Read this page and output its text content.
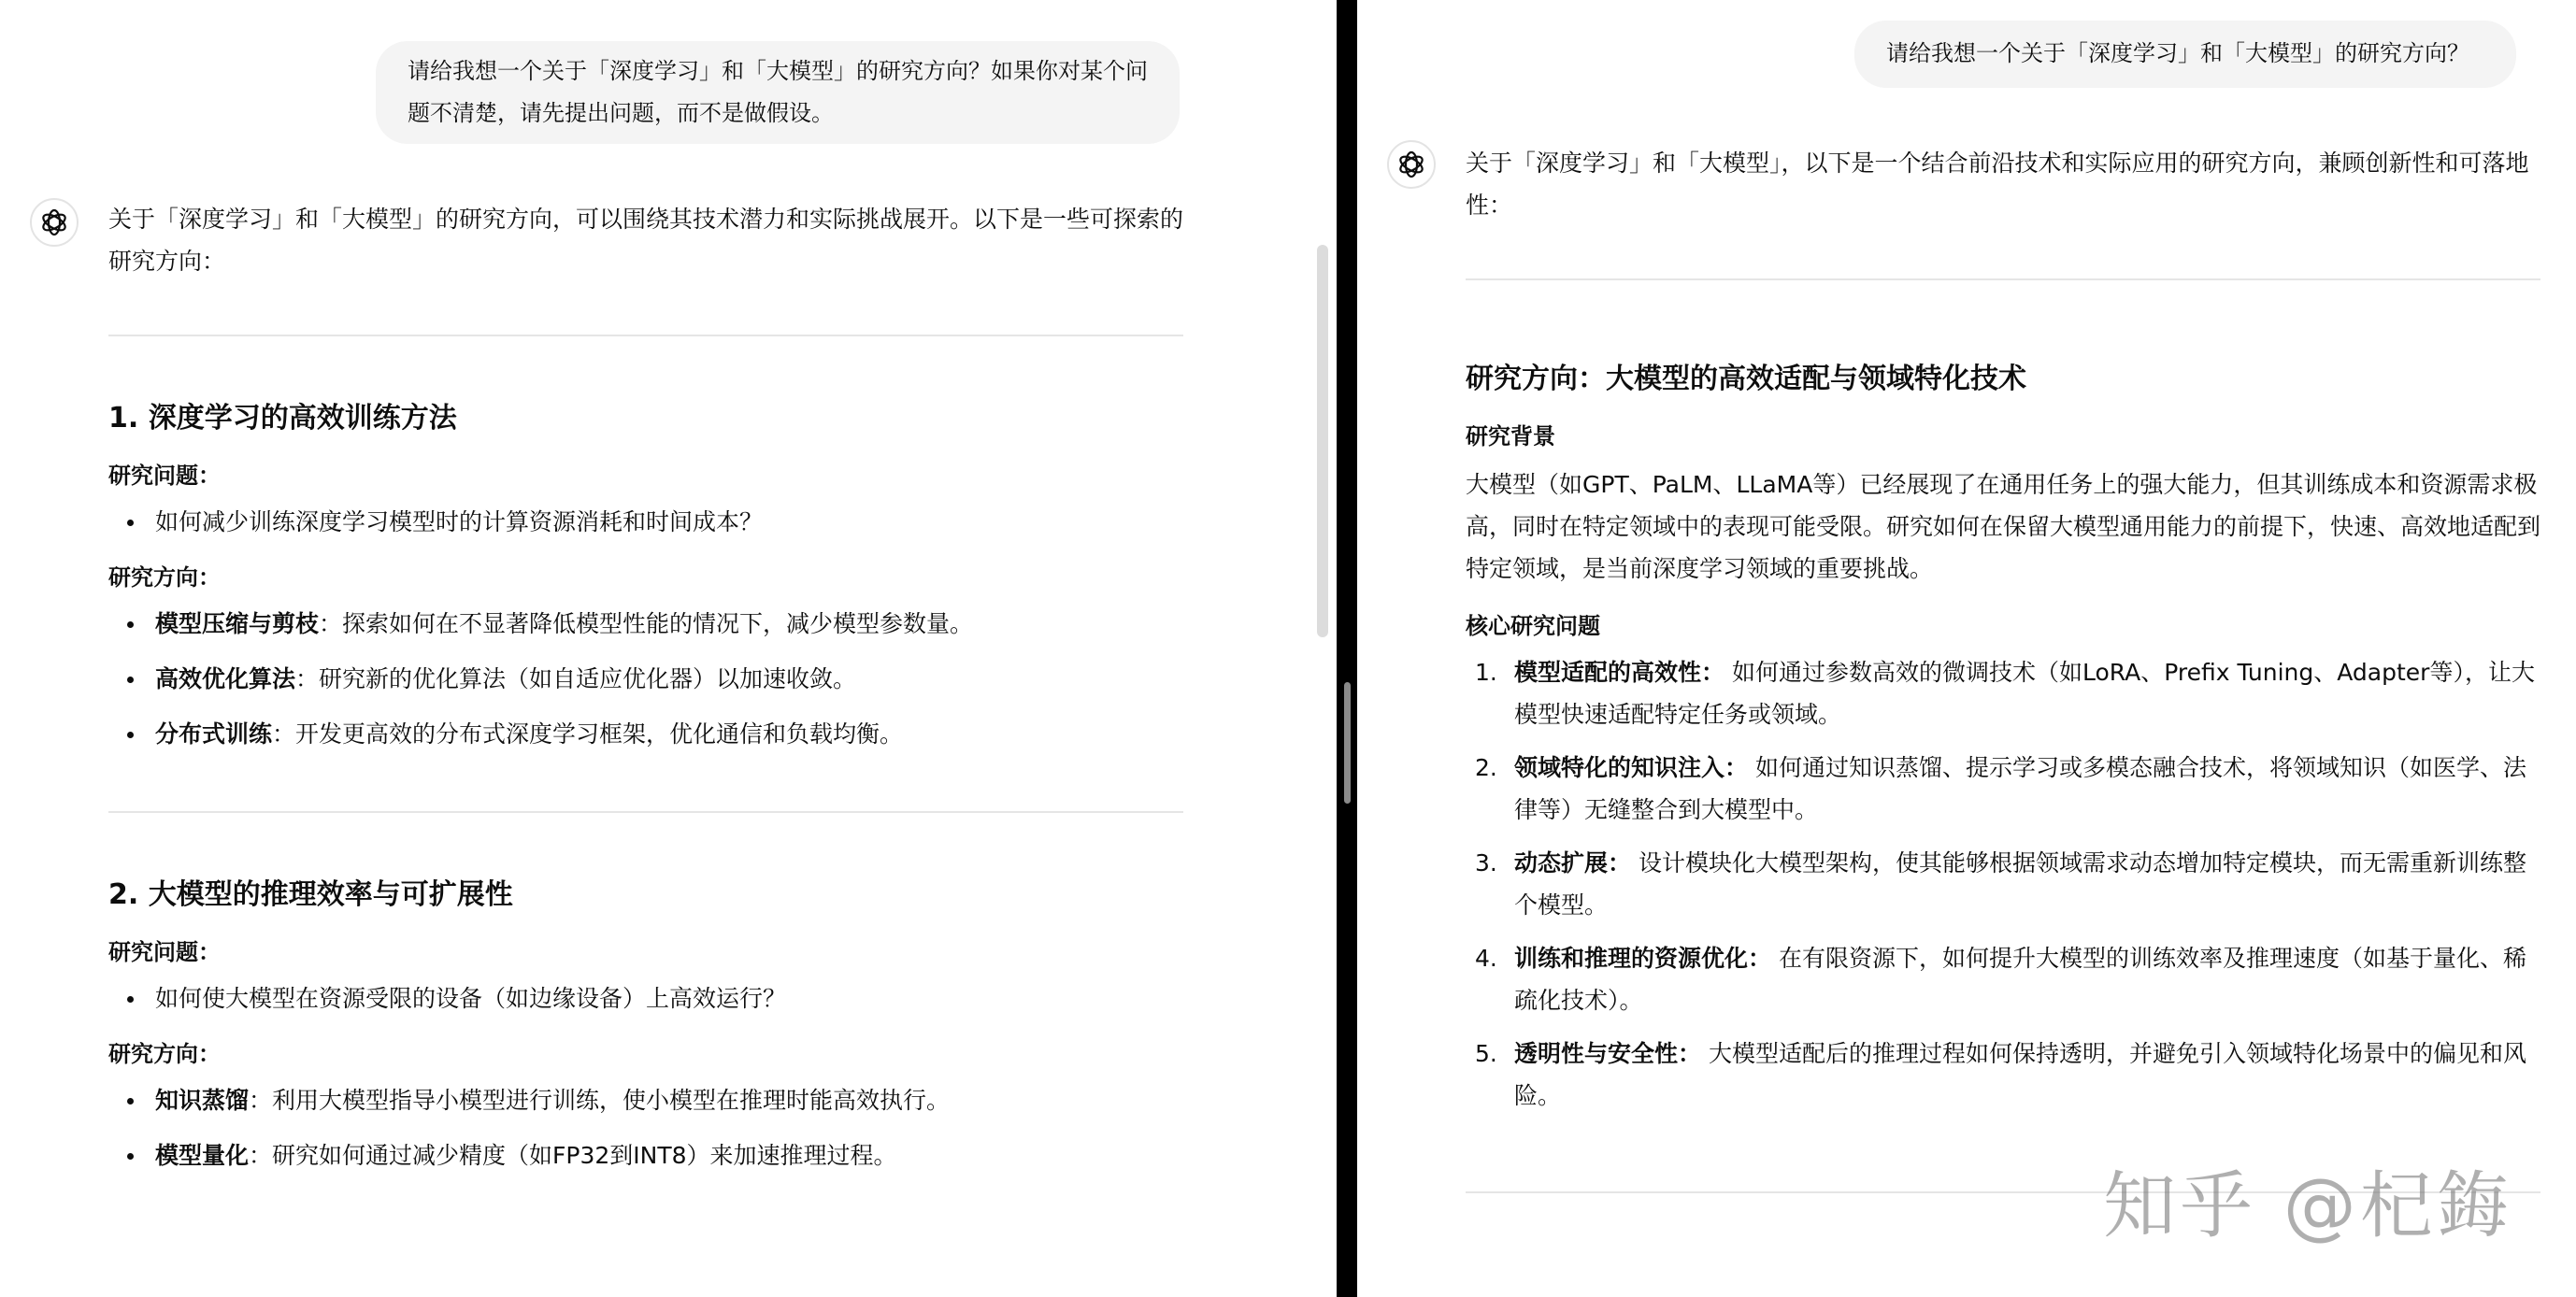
请给我想一个关于「深度学习」和「大模型」的研究方向？如果你对某个问题不清楚，请先提出问题，而不是做假设。

关于「深度学习」和「大模型」的研究方向，可以围绕其技术潜力和实际挑战展开。以下是一些可探索的研究方向：

1. 深度学习的高效训练方法

研究问题：

如何减少训练深度学习模型时的计算资源消耗和时间成本？

研究方向：

模型压缩与剪枝：探索如何在不显著降低模型性能的情况下，减少模型参数量。
高效优化算法：研究新的优化算法（如自适应优化器）以加速收敛。
分布式训练：开发更高效的分布式深度学习框架，优化通信和负载均衡。
2. 大模型的推理效率与可扩展性

研究问题：

如何使大模型在资源受限的设备（如边缘设备）上高效运行？

研究方向：

知识蒸馏：利用大模型指导小模型进行训练，使小模型在推理时能高效执行。
模型量化：研究如何通过减少精度（如FP32到INT8）来加速推理过程。
请给我想一个关于「深度学习」和「大模型」的研究方向？

关于「深度学习」和「大模型」，以下是一个结合前沿技术和实际应用的研究方向，兼顾创新性和可落地性：

研究方向：大模型的高效适配与领域特化技术

研究背景

大模型（如GPT、PaLM、LLaMA等）已经展现了在通用任务上的强大能力，但其训练成本和资源需求极高，同时在特定领域中的表现可能受限。研究如何在保留大模型通用能力的前提下，快速、高效地适配到特定领域，是当前深度学习领域的重要挑战。

核心研究问题

1. 模型适配的高效性： 如何通过参数高效的微调技术（如LoRA、Prefix Tuning、Adapter等），让大模型快速适配特定任务或领域。
2. 领域特化的知识注入： 如何通过知识蒸馏、提示学习或多模态融合技术，将领域知识（如医学、法律等）无缝整合到大模型中。
3. 动态扩展： 设计模块化大模型架构，使其能够根据领域需求动态增加特定模块，而无需重新训练整个模型。
4. 训练和推理的资源优化： 在有限资源下，如何提升大模型的训练效率及推理速度（如基于量化、稀疏化技术）。
5. 透明性与安全性： 大模型适配后的推理过程如何保持透明，并避免引入领域特化场景中的偏见和风险。
知乎 @杞鋂
